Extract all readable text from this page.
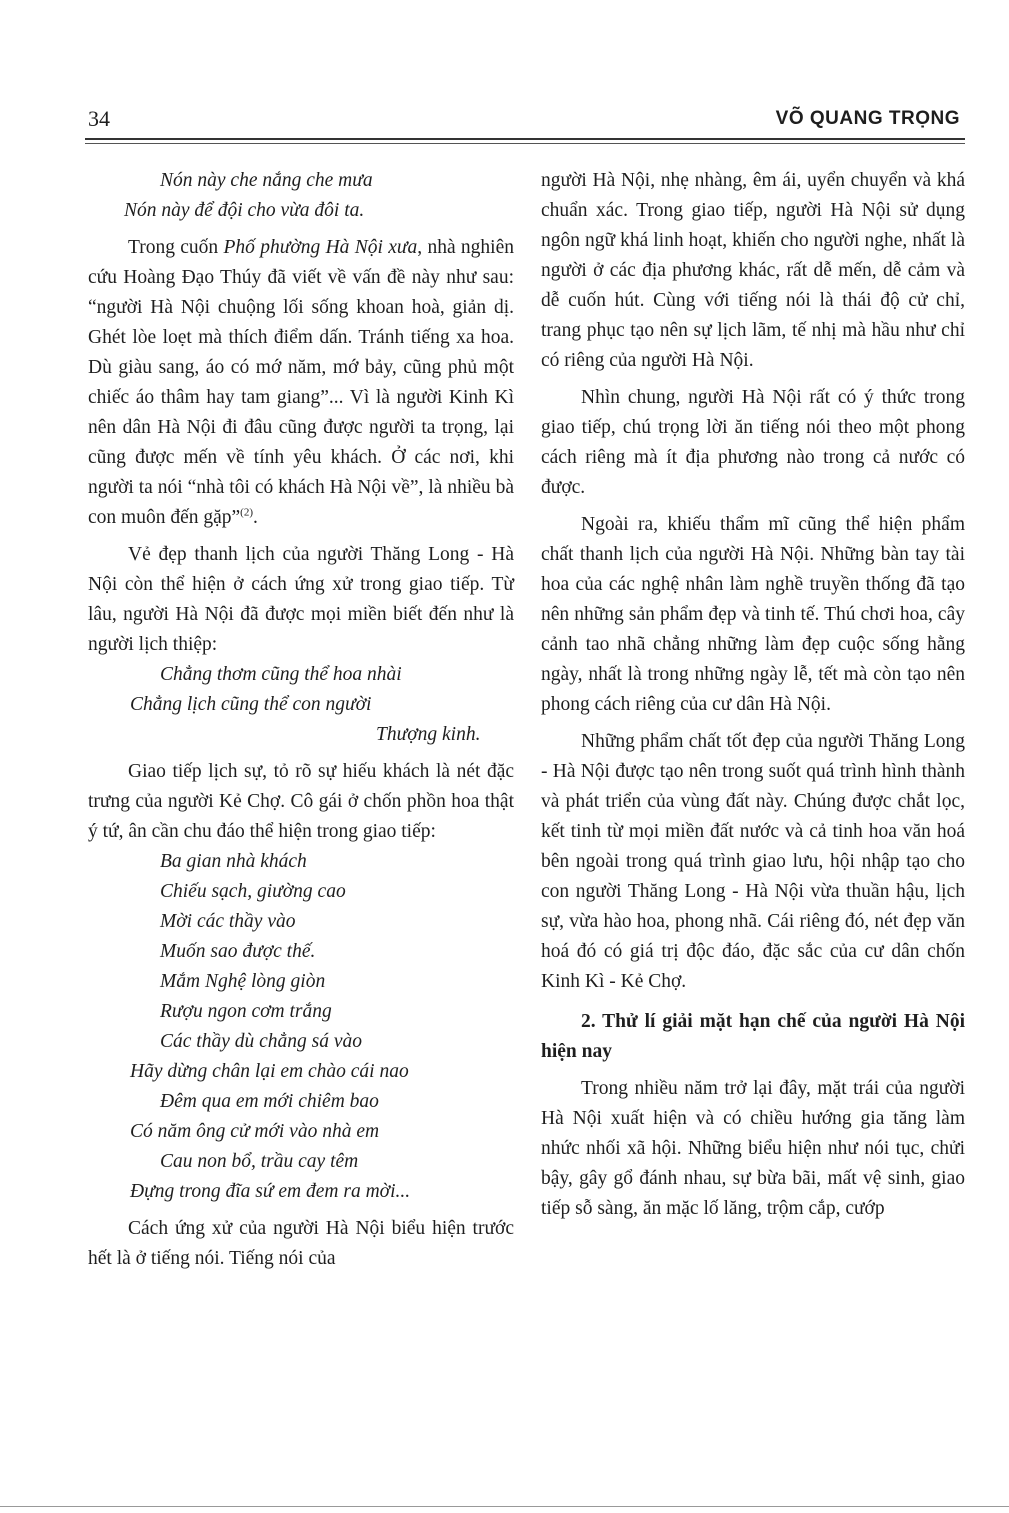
34	VÕ QUANG TRỌNG
Nón này che nắng che mưa
Nón này để đội cho vừa đôi ta.

Trong cuốn Phố phường Hà Nội xưa, nhà nghiên cứu Hoàng Đạo Thúy đã viết về vấn đề này như sau: “người Hà Nội chuộng lối sống khoan hoà, giản dị. Ghét lòe loẹt mà thích điểm dấn. Tránh tiếng xa hoa. Dù giàu sang, áo có mớ năm, mớ bảy, cũng phủ một chiếc áo thâm hay tam giang”... Vì là người Kinh Kì nên dân Hà Nội đi đâu cũng được người ta trọng, lại cũng được mến về tính yêu khách. Ở các nơi, khi người ta nói “nhà tôi có khách Hà Nội về”, là nhiều bà con muôn đến gặp”$^{(2)}$.

Vẻ đẹp thanh lịch của người Thăng Long - Hà Nội còn thể hiện ở cách ứng xử trong giao tiếp. Từ lâu, người Hà Nội đã được mọi miền biết đến như là người lịch thiệp:

Chẳng thơm cũng thể hoa nhài
Chẳng lịch cũng thể con người
Thượng kinh.

Giao tiếp lịch sự, tỏ rõ sự hiếu khách là nét đặc trưng của người Kẻ Chợ. Cô gái ở chốn phồn hoa thật ý tứ, ân cần chu đáo thể hiện trong giao tiếp:

Ba gian nhà khách
Chiếu sạch, giường cao
Mời các thầy vào
Muốn sao được thế.
Mắm Nghệ lòng giòn
Rượu ngon cơm trắng
Các thầy dù chẳng sá vào
Hãy dừng chân lại em chào cái nao
Đêm qua em mới chiêm bao
Có năm ông cử mới vào nhà em
Cau non bổ, trầu cay têm
Đựng trong đĩa sứ em đem ra mời...

Cách ứng xử của người Hà Nội biểu hiện trước hết là ở tiếng nói. Tiếng nói của

người Hà Nội, nhẹ nhàng, êm ái, uyển chuyển và khá chuẩn xác. Trong giao tiếp, người Hà Nội sử dụng ngôn ngữ khá linh hoạt, khiến cho người nghe, nhất là người ở các địa phương khác, rất dễ mến, dễ cảm và dễ cuốn hút. Cùng với tiếng nói là thái độ cử chỉ, trang phục tạo nên sự lịch lãm, tế nhị mà hầu như chỉ có riêng của người Hà Nội.

Nhìn chung, người Hà Nội rất có ý thức trong giao tiếp, chú trọng lời ăn tiếng nói theo một phong cách riêng mà ít địa phương nào trong cả nước có được.

Ngoài ra, khiếu thẩm mĩ cũng thể hiện phẩm chất thanh lịch của người Hà Nội. Những bàn tay tài hoa của các nghệ nhân làm nghề truyền thống đã tạo nên những sản phẩm đẹp và tinh tế. Thú chơi hoa, cây cảnh tao nhã chẳng những làm đẹp cuộc sống hằng ngày, nhất là trong những ngày lễ, tết mà còn tạo nên phong cách riêng của cư dân Hà Nội.

Những phẩm chất tốt đẹp của người Thăng Long - Hà Nội được tạo nên trong suốt quá trình hình thành và phát triển của vùng đất này. Chúng được chắt lọc, kết tinh từ mọi miền đất nước và cả tinh hoa văn hoá bên ngoài trong quá trình giao lưu, hội nhập tạo cho con người Thăng Long - Hà Nội vừa thuần hậu, lịch sự, vừa hào hoa, phong nhã. Cái riêng đó, nét đẹp văn hoá đó có giá trị độc đáo, đặc sắc của cư dân chốn Kinh Kì - Kẻ Chợ.

2. Thử lí giải mặt hạn chế của người Hà Nội hiện nay

Trong nhiều năm trở lại đây, mặt trái của người Hà Nội xuất hiện và có chiều hướng gia tăng làm nhức nhối xã hội. Những biểu hiện như nói tục, chửi bậy, gây gổ đánh nhau, sự bừa bãi, mất vệ sinh, giao tiếp sỗ sàng, ăn mặc lố lăng, trộm cắp, cướp
